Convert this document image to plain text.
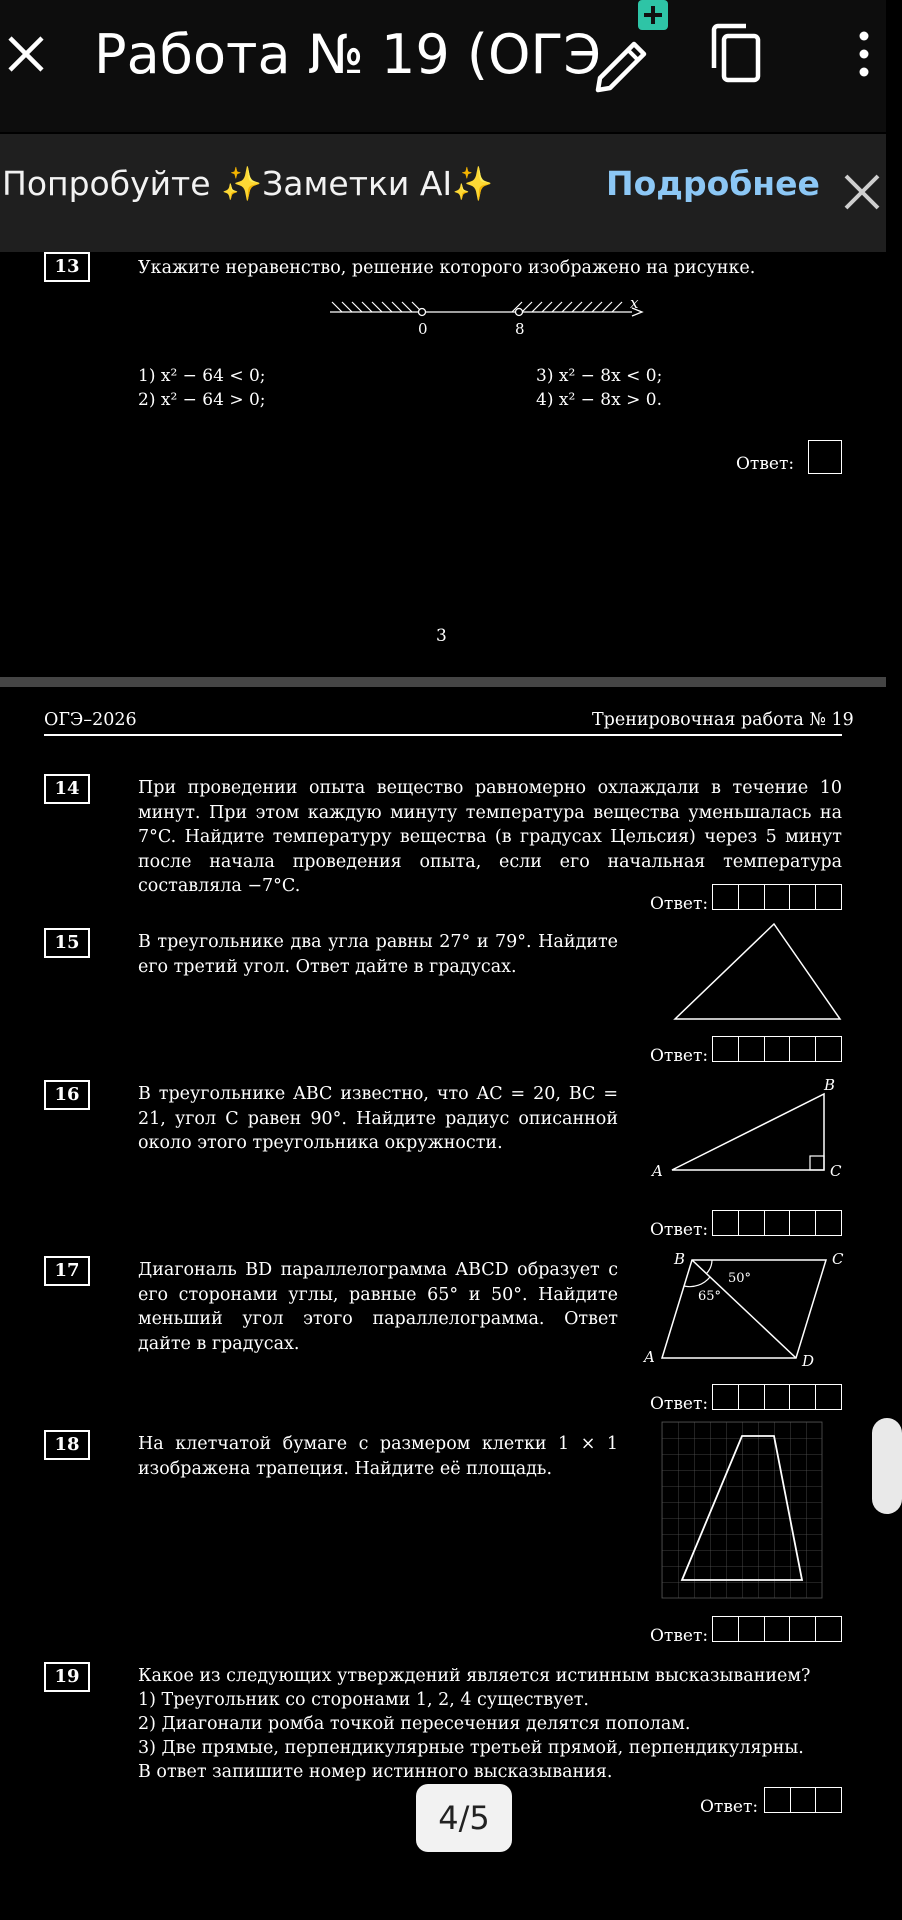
Работа № 19 (ОГЭ
Попробуйте ✨Заметки AI✨	Подробнее
13	Укажите неравенство, решение которого изображено на рисунке.
0	8
x
1) x² − 64 < 0;
2) x² − 64 > 0;
3) x² − 8x < 0;
4) x² − 8x > 0.
Ответ:
3
ОГЭ–2026	Тренировочная работа № 19
14	При проведении опыта вещество равномерно охлаждали в течение 10 минут. При этом каждую минуту температура вещества уменьшалась на 7°C. Найдите температуру вещества (в градусах Цельсия) через 5 минут после начала проведения опыта, если его начальная температура составляла −7°C.
Ответ:
15	В треугольнике два угла равны 27° и 79°. Найдите его третий угол. Ответ дайте в градусах.
Ответ:
16	В треугольнике ABC известно, что AC = 20, BC = 21, угол C равен 90°. Найдите радиус описанной около этого треугольника окружности.
A
B
C
Ответ:
17	Диагональ BD параллелограмма ABCD образует с его сторонами углы, равные 65° и 50°. Найдите меньший угол этого параллелограмма. Ответ дайте в градусах.
A
B	C
D
50°
65°
Ответ:
18	На клетчатой бумаге с размером клетки 1 × 1 изображена трапеция. Найдите её площадь.
Ответ:
19	Какое из следующих утверждений является истинным высказыванием?
1) Треугольник со сторонами 1, 2, 4 существует.
2) Диагонали ромба точкой пересечения делятся пополам.
3) Две прямые, перпендикулярные третьей прямой, перпендикулярны.
В ответ запишите номер истинного высказывания.
Ответ:
4/5
